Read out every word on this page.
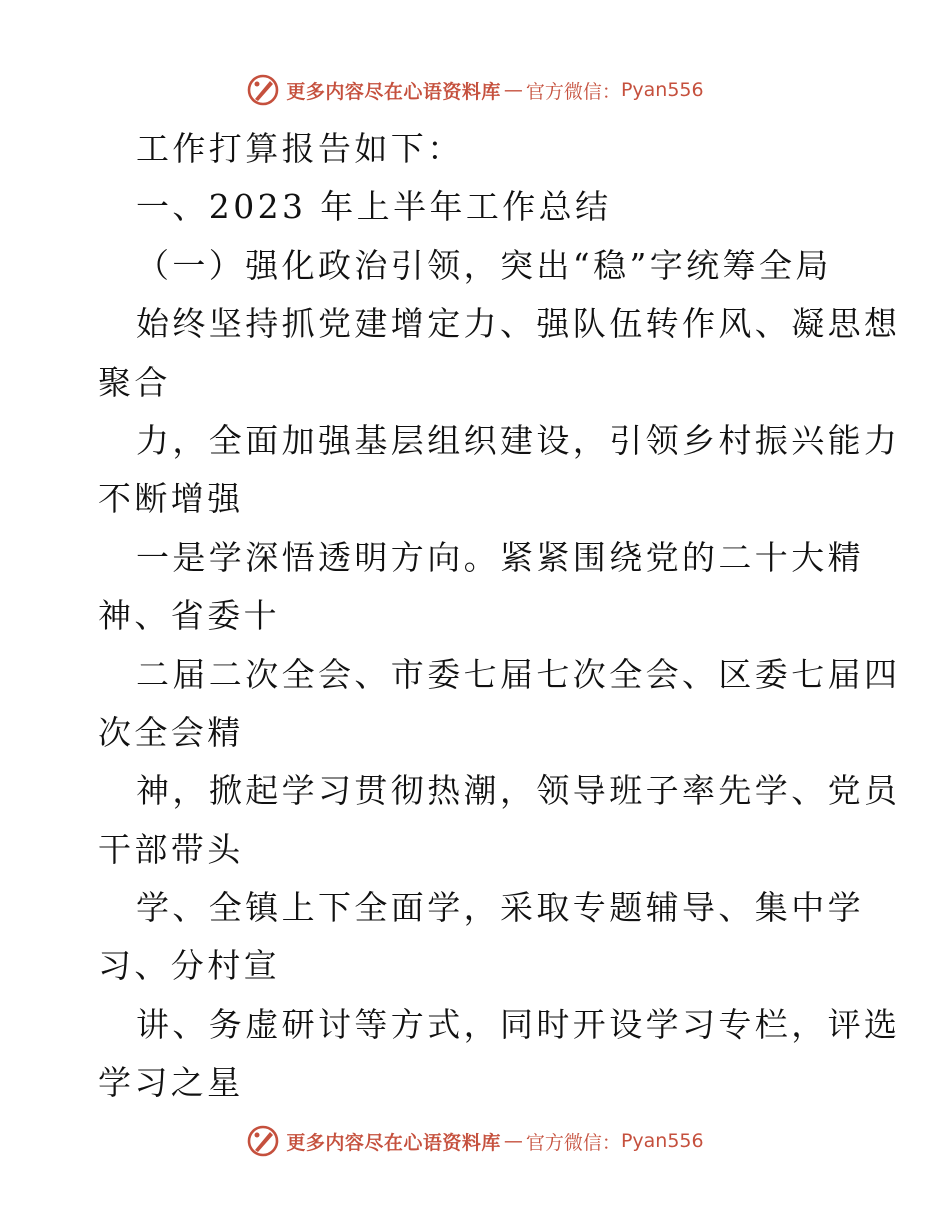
更多内容尽在心语资料库 — 官方微信： Pyan556
工作打算报告如下：
一、2023 年上半年工作总结
（一）强化政治引领，突出“稳”字统筹全局
始终坚持抓党建增定力、强队伍转作风、凝思想
聚合
力，全面加强基层组织建设，引领乡村振兴能力
不断增强
一是学深悟透明方向。紧紧围绕党的二十大精
神、省委十
二届二次全会、市委七届七次全会、区委七届四
次全会精
神，掀起学习贯彻热潮，领导班子率先学、党员
干部带头
学、全镇上下全面学，采取专题辅导、集中学
习、分村宣
讲、务虚研讨等方式，同时开设学习专栏，评选
学习之星
更多内容尽在心语资料库 — 官方微信： Pyan556
